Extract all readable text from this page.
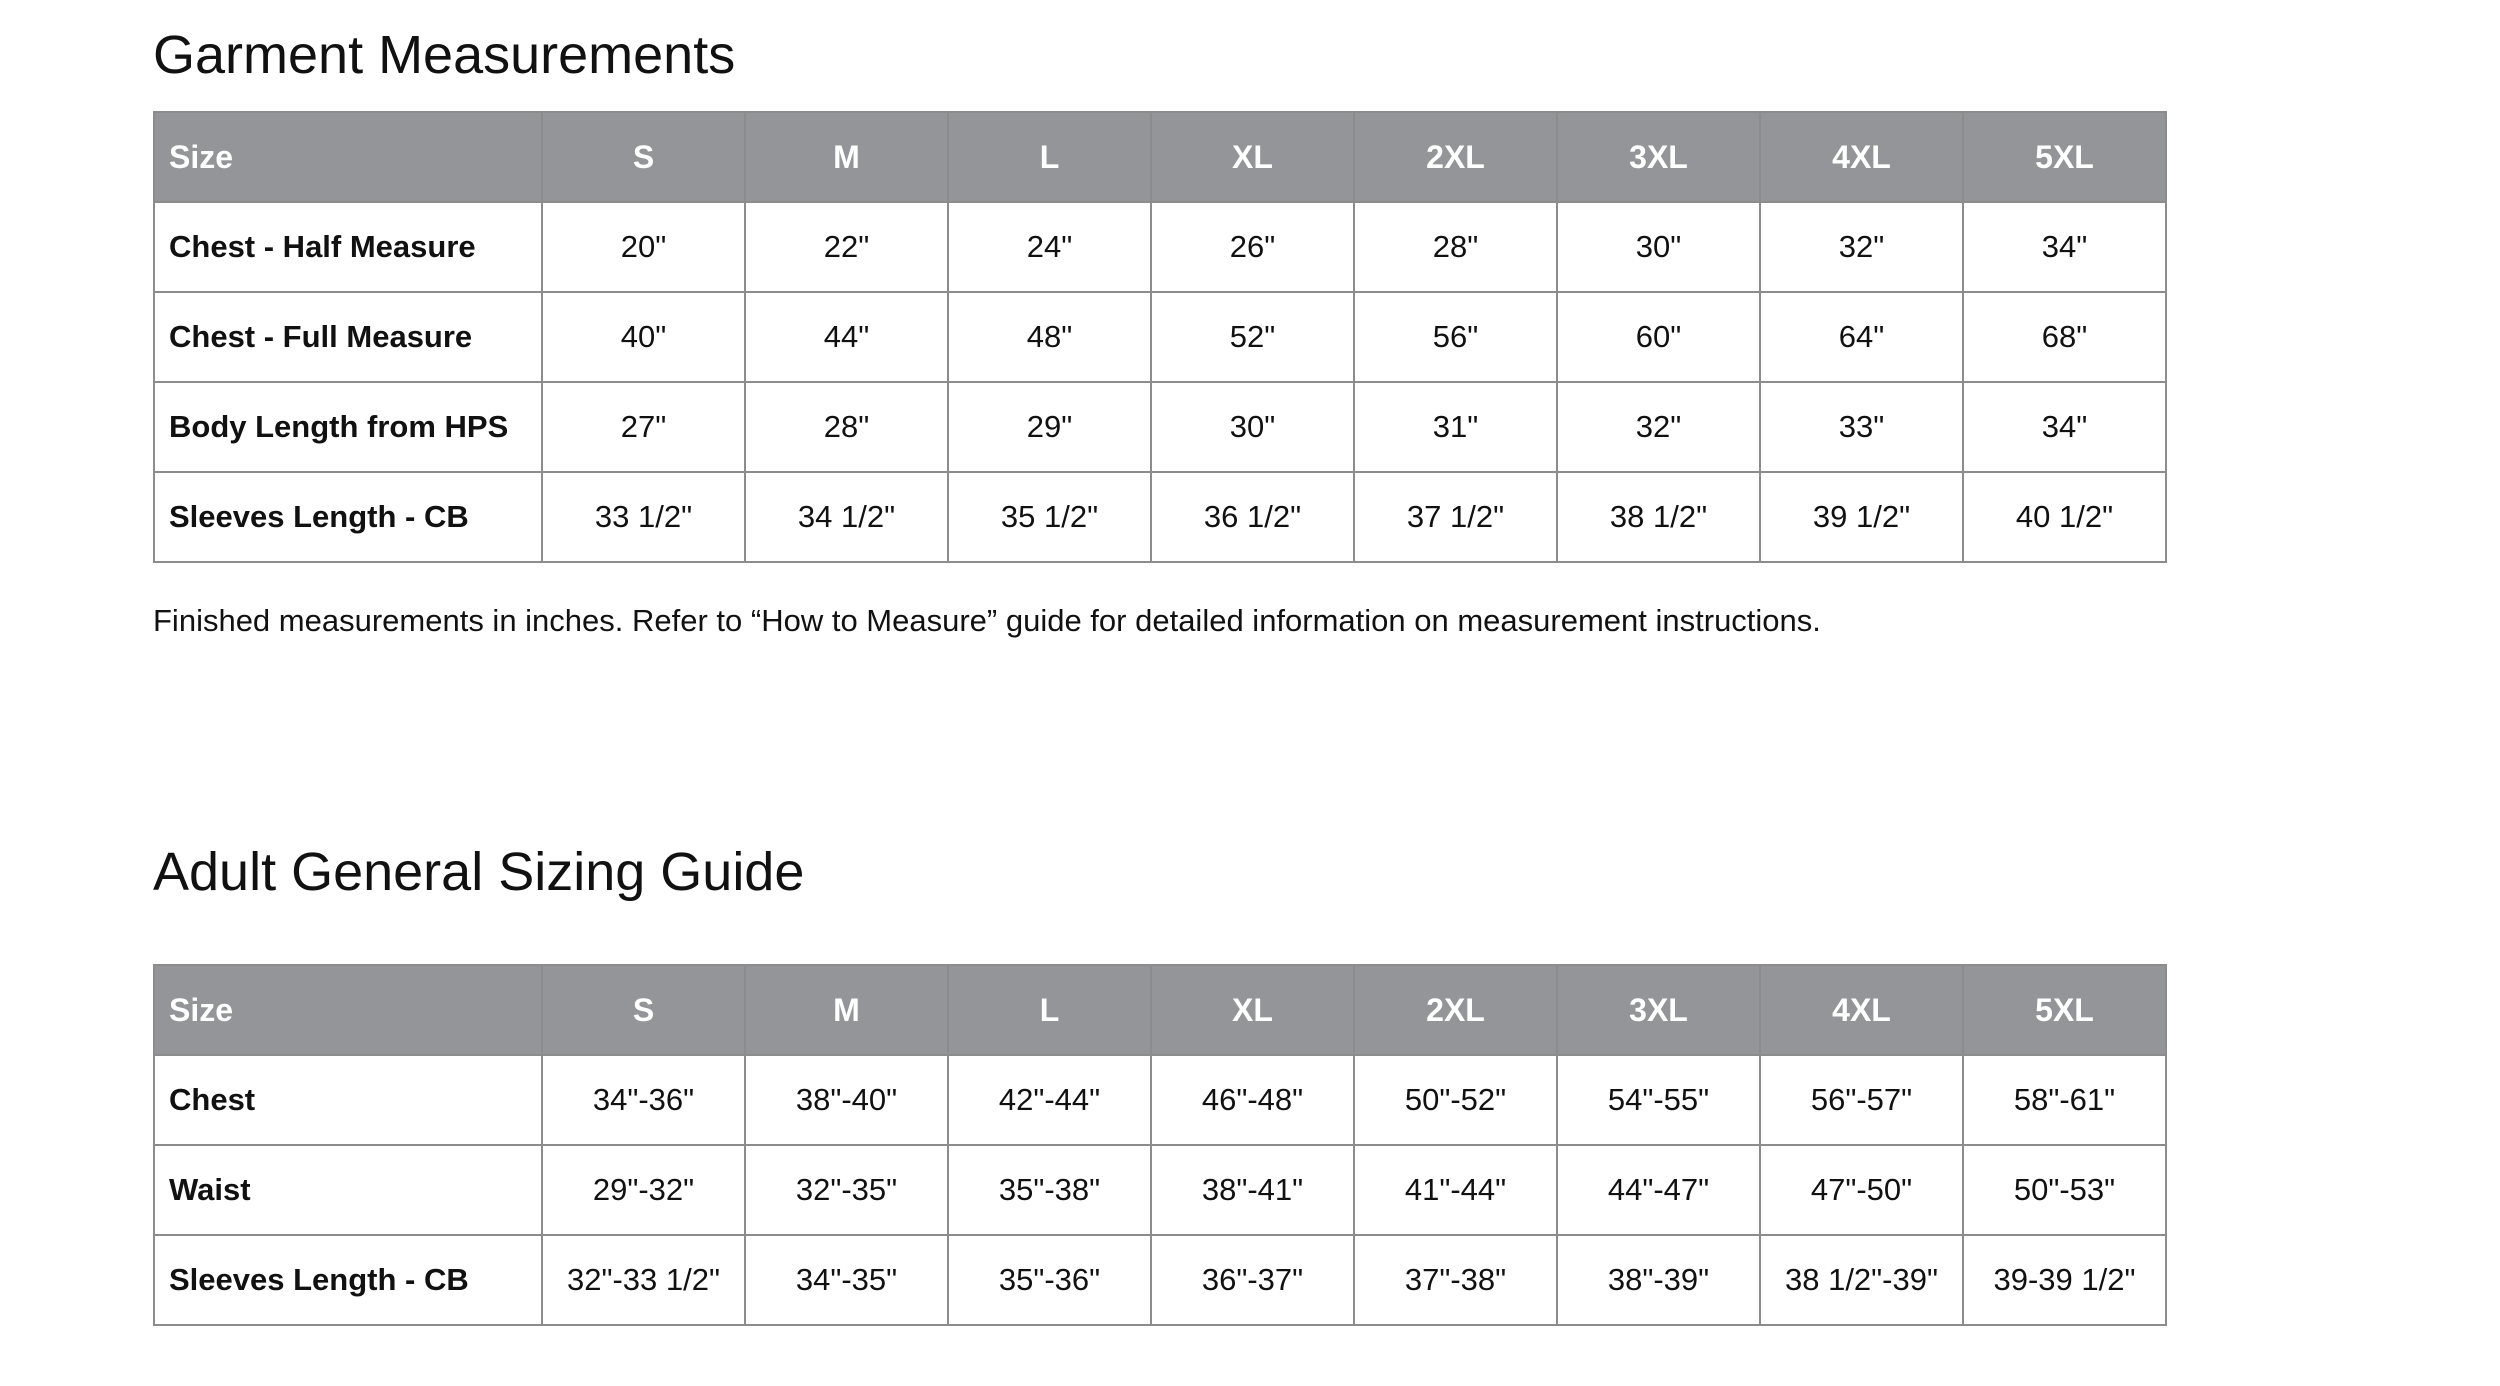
Garment Measurements
Size	S	M	L	XL	2XL	3XL	4XL	5XL
Chest - Half Measure	20"	22"	24"	26"	28"	30"	32"	34"
Chest - Full Measure	40"	44"	48"	52"	56"	60"	64"	68"
Body Length from HPS	27"	28"	29"	30"	31"	32"	33"	34"
Sleeves Length - CB	33 1/2"	34 1/2"	35 1/2"	36 1/2"	37 1/2"	38 1/2"	39 1/2"	40 1/2"

Finished measurements in inches. Refer to “How to Measure” guide for detailed information on measurement instructions.

Adult General Sizing Guide
Size	S	M	L	XL	2XL	3XL	4XL	5XL
Chest	34"-36"	38"-40"	42"-44"	46"-48"	50"-52"	54"-55"	56"-57"	58"-61"
Waist	29"-32"	32"-35"	35"-38"	38"-41"	41"-44"	44"-47"	47"-50"	50"-53"
Sleeves Length - CB	32"-33 1/2"	34"-35"	35"-36"	36"-37"	37"-38"	38"-39"	38 1/2"-39"	39-39 1/2"
